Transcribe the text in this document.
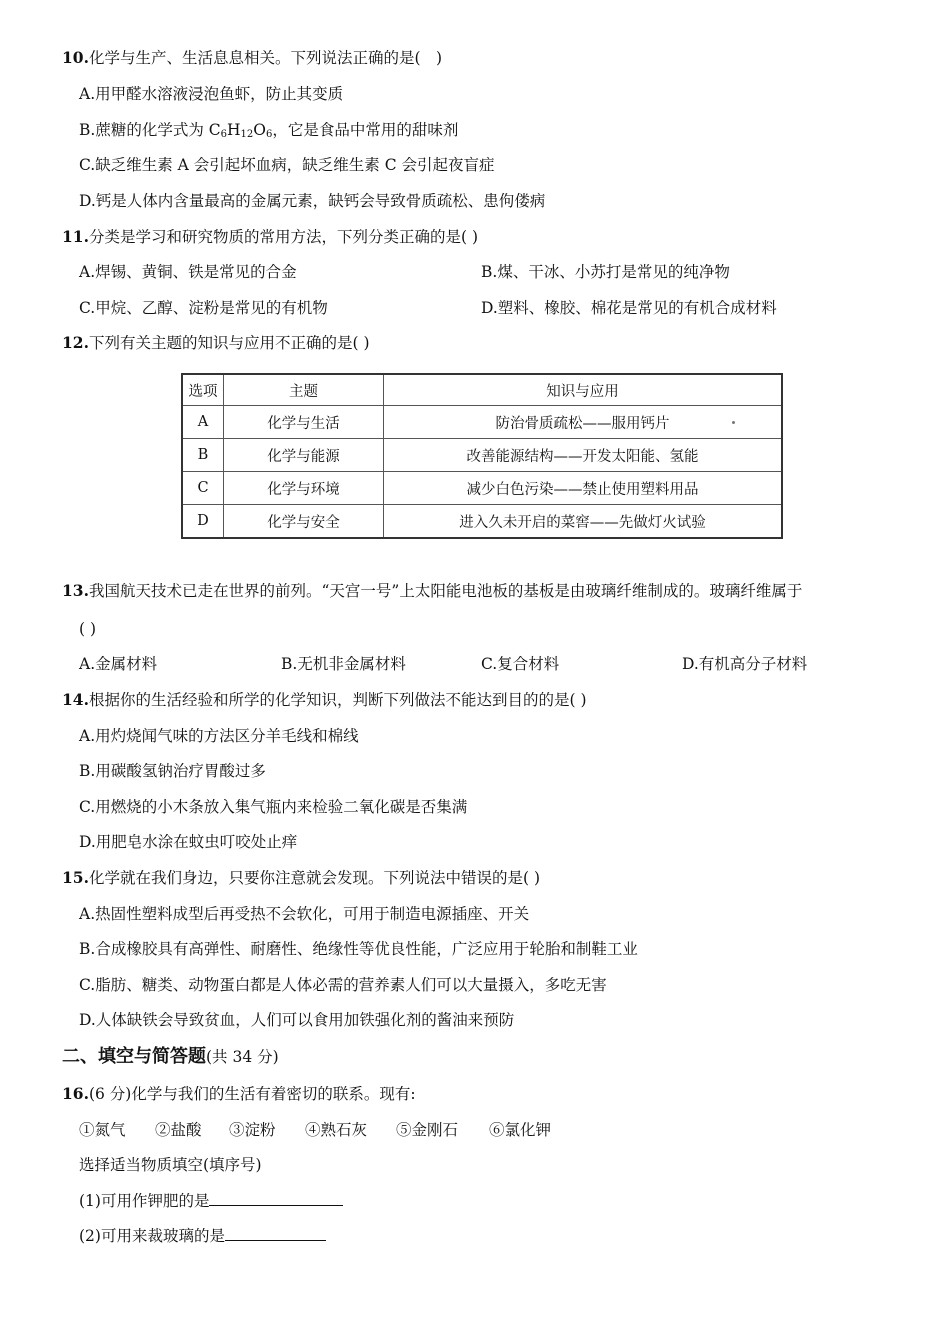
10.化学与生产、生活息息相关。下列说法正确的是(　)
A.用甲醛水溶液浸泡鱼虾，防止其变质
B.蔗糖的化学式为 $C_6H_{12}O_6$，它是食品中常用的甜味剂
C.缺乏维生素 A 会引起坏血病，缺乏维生素 C 会引起夜盲症
D.钙是人体内含量最高的金属元素，缺钙会导致骨质疏松、患佝偻病
11.分类是学习和研究物质的常用方法，下列分类正确的是( )
A.焊锡、黄铜、铁是常见的合金	B.煤、干冰、小苏打是常见的纯净物
C.甲烷、乙醇、淀粉是常见的有机物	D.塑料、橡胶、棉花是常见的有机合成材料
12.下列有关主题的知识与应用不正确的是( )
选项	主题	知识与应用
A	化学与生活	防治骨质疏松——服用钙片
B	化学与能源	改善能源结构——开发太阳能、氢能
C	化学与环境	减少白色污染——禁止使用塑料用品
D	化学与安全	进入久未开启的菜窖——先做灯火试验
13.我国航天技术已走在世界的前列。“天宫一号”上太阳能电池板的基板是由玻璃纤维制成的。玻璃纤维属于
( )
A.金属材料	B.无机非金属材料	C.复合材料	D.有机高分子材料
14.根据你的生活经验和所学的化学知识，判断下列做法不能达到目的的是( )
A.用灼烧闻气味的方法区分羊毛线和棉线
B.用碳酸氢钠治疗胃酸过多
C.用燃烧的小木条放入集气瓶内来检验二氧化碳是否集满
D.用肥皂水涂在蚊虫叮咬处止痒
15.化学就在我们身边，只要你注意就会发现。下列说法中错误的是( )
A.热固性塑料成型后再受热不会软化，可用于制造电源插座、开关
B.合成橡胶具有高弹性、耐磨性、绝缘性等优良性能，广泛应用于轮胎和制鞋工业
C.脂肪、糖类、动物蛋白都是人体必需的营养素人们可以大量摄入，多吃无害
D.人体缺铁会导致贫血，人们可以食用加铁强化剂的酱油来预防
二、填空与简答题(共 34 分)
16.(6 分)化学与我们的生活有着密切的联系。现有:
①氮气 ②盐酸 ③淀粉 ④熟石灰 ⑤金刚石 ⑥氯化钾
选择适当物质填空(填序号)
(1)可用作钾肥的是
(2)可用来裁玻璃的是
